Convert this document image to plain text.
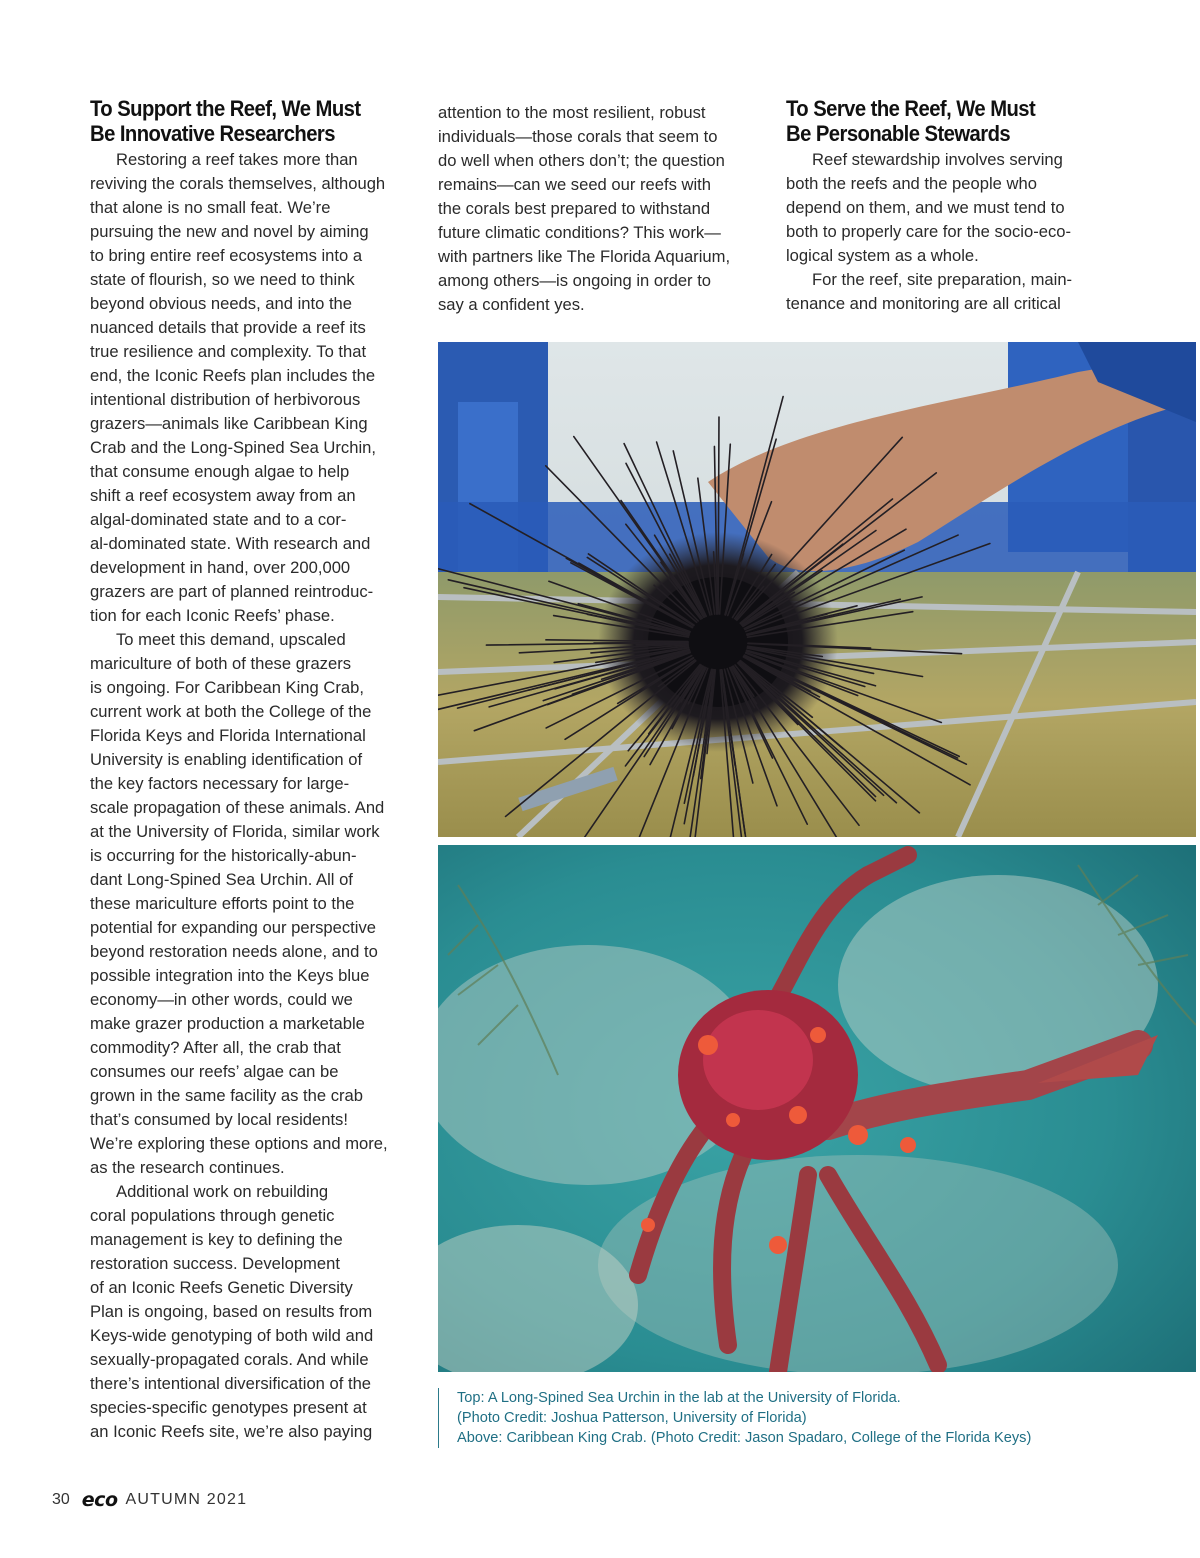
To Support the Reef, We Must
Be Innovative Researchers
Restoring a reef takes more than
reviving the corals themselves, although
that alone is no small feat. We’re
pursuing the new and novel by aiming
to bring entire reef ecosystems into a
state of flourish, so we need to think
beyond obvious needs, and into the
nuanced details that provide a reef its
true resilience and complexity. To that
end, the Iconic Reefs plan includes the
intentional distribution of herbivorous
grazers—animals like Caribbean King
Crab and the Long-Spined Sea Urchin,
that consume enough algae to help
shift a reef ecosystem away from an
algal-dominated state and to a cor-
al-dominated state. With research and
development in hand, over 200,000
grazers are part of planned reintroduc-
tion for each Iconic Reefs’ phase.
To meet this demand, upscaled
mariculture of both of these grazers
is ongoing. For Caribbean King Crab,
current work at both the College of the
Florida Keys and Florida International
University is enabling identification of
the key factors necessary for large-
scale propagation of these animals. And
at the University of Florida, similar work
is occurring for the historically-abun-
dant Long-Spined Sea Urchin. All of
these mariculture efforts point to the
potential for expanding our perspective
beyond restoration needs alone, and to
possible integration into the Keys blue
economy—in other words, could we
make grazer production a marketable
commodity? After all, the crab that
consumes our reefs’ algae can be
grown in the same facility as the crab
that’s consumed by local residents!
We’re exploring these options and more,
as the research continues.
Additional work on rebuilding
coral populations through genetic
management is key to defining the
restoration success. Development
of an Iconic Reefs Genetic Diversity
Plan is ongoing, based on results from
Keys-wide genotyping of both wild and
sexually-propagated corals. And while
there’s intentional diversification of the
species-specific genotypes present at
an Iconic Reefs site, we’re also paying
attention to the most resilient, robust
individuals—those corals that seem to
do well when others don’t; the question
remains—can we seed our reefs with
the corals best prepared to withstand
future climatic conditions? This work—
with partners like The Florida Aquarium,
among others—is ongoing in order to
say a confident yes.
To Serve the Reef, We Must
Be Personable Stewards
Reef stewardship involves serving
both the reefs and the people who
depend on them, and we must tend to
both to properly care for the socio-eco-
logical system as a whole.
For the reef, site preparation, main-
tenance and monitoring are all critical
Top: A Long-Spined Sea Urchin in the lab at the University of Florida.
(Photo Credit: Joshua Patterson, University of Florida)
Above: Caribbean King Crab. (Photo Credit: Jason Spadaro, College of the Florida Keys)
30 eco AUTUMN 2021
